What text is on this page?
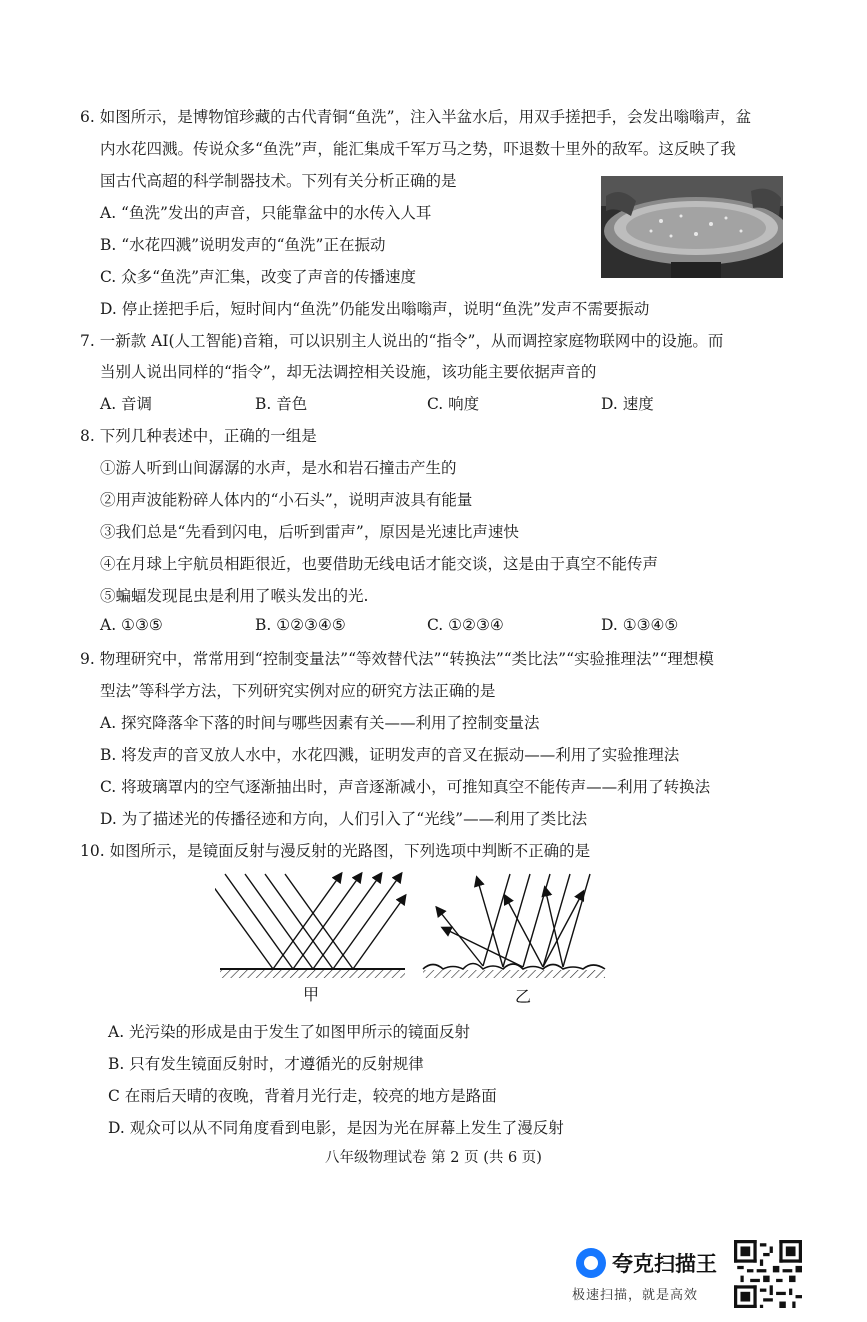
6. 如图所示，是博物馆珍藏的古代青铜“鱼洗”，注入半盆水后，用双手搓把手，会发出嗡嗡声，盆
内水花四溅。传说众多“鱼洗”声，能汇集成千军万马之势，吓退数十里外的敌军。这反映了我
国古代高超的科学制器技术。下列有关分析正确的是
A. “鱼洗”发出的声音，只能靠盆中的水传入人耳
B. “水花四溅”说明发声的“鱼洗”正在振动
C. 众多“鱼洗”声汇集，改变了声音的传播速度
D. 停止搓把手后，短时间内“鱼洗”仍能发出嗡嗡声，说明“鱼洗”发声不需要振动
7. 一新款 AI(人工智能)音箱，可以识别主人说出的“指令”，从而调控家庭物联网中的设施。而
当别人说出同样的“指令”，却无法调控相关设施，该功能主要依据声音的
A. 音调	B. 音色	C. 响度	D. 速度
8. 下列几种表述中，正确的一组是
①游人听到山间潺潺的水声，是水和岩石撞击产生的
②用声波能粉碎人体内的“小石头”，说明声波具有能量
③我们总是“先看到闪电，后听到雷声”，原因是光速比声速快
④在月球上宇航员相距很近，也要借助无线电话才能交谈，这是由于真空不能传声
⑤蝙蝠发现昆虫是利用了喉头发出的光.
A. ①③⑤	B. ①②③④⑤	C. ①②③④	D. ①③④⑤
9. 物理研究中，常常用到“控制变量法”“等效替代法”“转换法”“类比法”“实验推理法”“理想模
型法”等科学方法，下列研究实例对应的研究方法正确的是
A. 探究降落伞下落的时间与哪些因素有关——利用了控制变量法
B. 将发声的音叉放人水中，水花四溅，证明发声的音叉在振动——利用了实验推理法
C. 将玻璃罩内的空气逐渐抽出时，声音逐渐减小，可推知真空不能传声——利用了转换法
D. 为了描述光的传播径迹和方向，人们引入了“光线”——利用了类比法
10. 如图所示，是镜面反射与漫反射的光路图，下列选项中判断不正确的是
甲	乙
A. 光污染的形成是由于发生了如图甲所示的镜面反射
B. 只有发生镜面反射时，才遵循光的反射规律
C 在雨后天晴的夜晚，背着月光行走，较亮的地方是路面
D. 观众可以从不同角度看到电影，是因为光在屏幕上发生了漫反射
八年级物理试卷 第 2 页 (共 6 页)
夸克扫描王
极速扫描，就是高效
